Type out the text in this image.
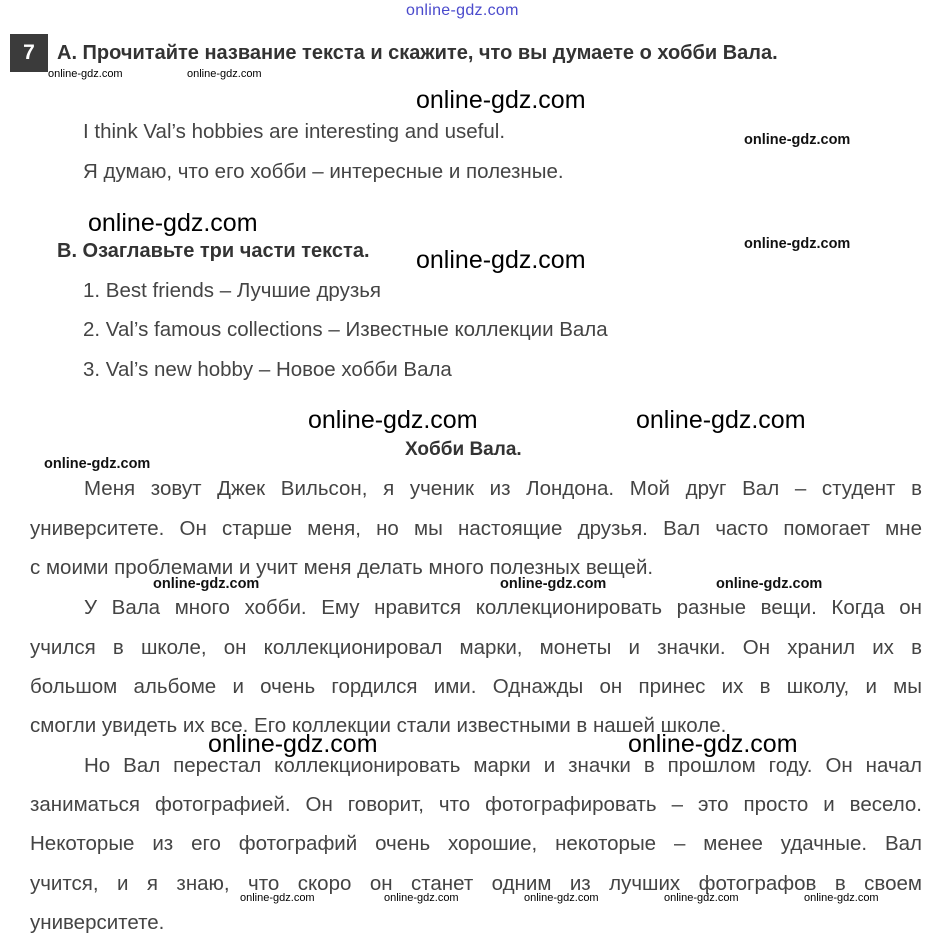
online-gdz.com
7	A. Прочитайте название текста и скажите, что вы думаете о хобби Вала.
I think Val’s hobbies are interesting and useful.
Я думаю, что его хобби – интересные и полезные.
B. Озаглавьте три части текста.
1. Best friends – Лучшие друзья
2. Val’s famous collections – Известные коллекции Вала
3. Val’s new hobby – Новое хобби Вала
Хобби Вала.
Меня зовут Джек Вильсон, я ученик из Лондона. Мой друг Вал – студент в
университете. Он старше меня, но мы настоящие друзья. Вал часто помогает мне
с моими проблемами и учит меня делать много полезных вещей.
У Вала много хобби. Ему нравится коллекционировать разные вещи. Когда он
учился в школе, он коллекционировал марки, монеты и значки. Он хранил их в
большом альбоме и очень гордился ими. Однажды он принес их в школу, и мы
смогли увидеть их все. Его коллекции стали известными в нашей школе.
Но Вал перестал коллекционировать марки и значки в прошлом году. Он начал
заниматься фотографией. Он говорит, что фотографировать – это просто и весело.
Некоторые из его фотографий очень хорошие, некоторые – менее удачные. Вал
учится, и я знаю, что скоро он станет одним из лучших фотографов в своем
университете.
online-gdz.com	online-gdz.com
online-gdz.com
online-gdz.com
online-gdz.com
online-gdz.com
online-gdz.com
online-gdz.com	online-gdz.com
online-gdz.com
online-gdz.com	online-gdz.com	online-gdz.com
online-gdz.com	online-gdz.com
online-gdz.com	online-gdz.com	online-gdz.com	online-gdz.com	online-gdz.com
